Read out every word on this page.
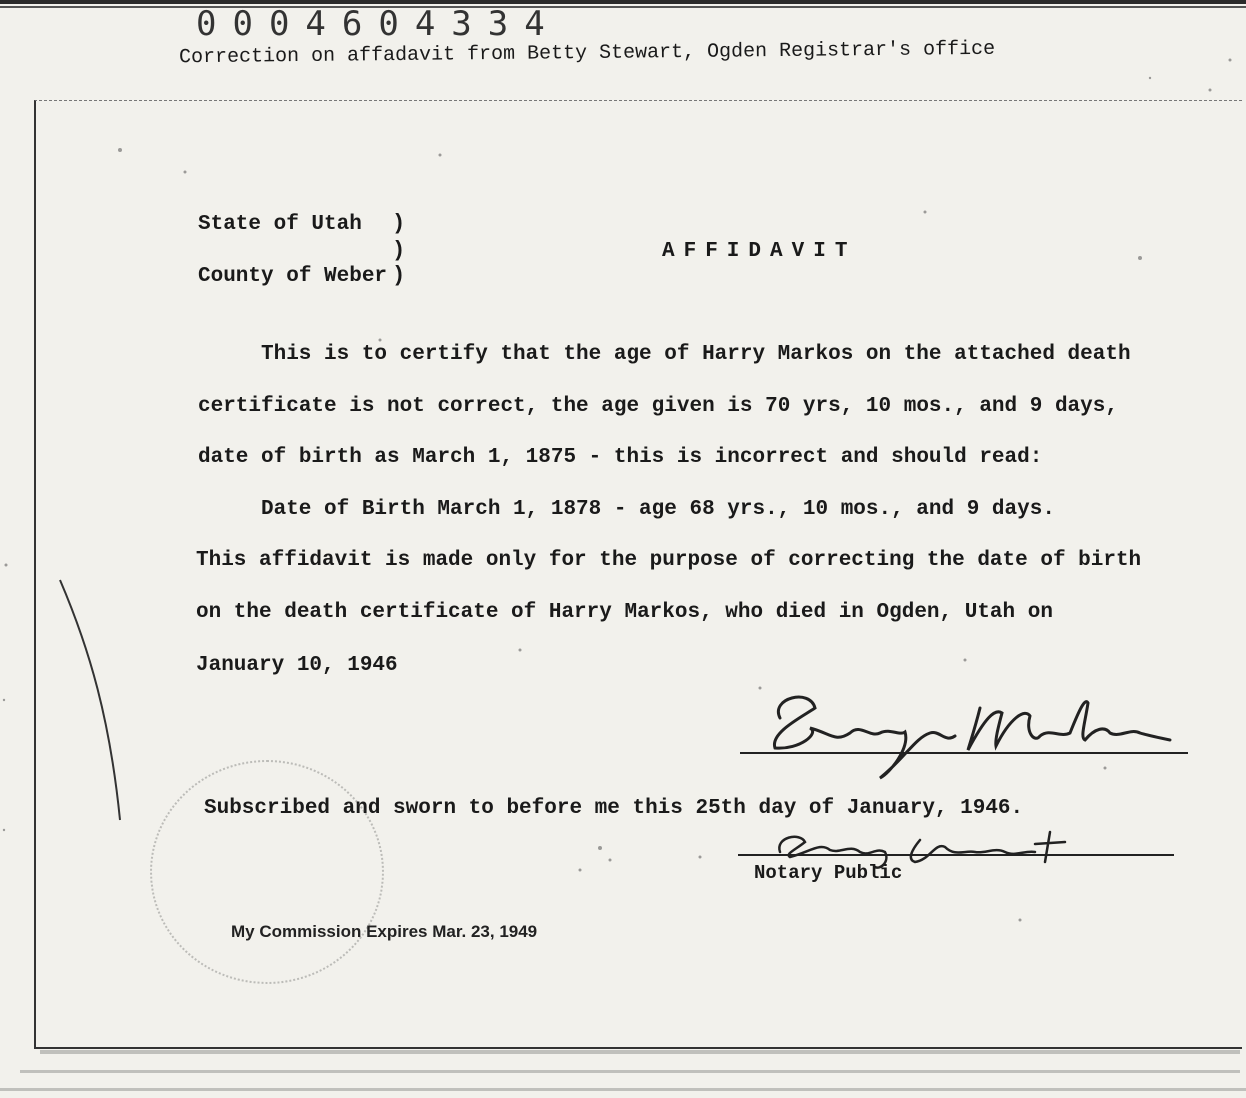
0004604334
Correction on affadavit from Betty Stewart, Ogden Registrar's office
State of Utah )
)
County of Weber )
AFFIDAVIT
This is to certify that the age of Harry Markos on the attached death
certificate is not correct, the age given is 70 yrs, 10 mos., and 9 days,
date of birth as March 1, 1875 - this is incorrect and should read:
Date of Birth March 1, 1878 - age 68 yrs., 10 mos., and 9 days.
This affidavit is made only for the purpose of correcting the date of birth
on the death certificate of Harry Markos, who died in Ogden, Utah on
January 10, 1946
Subscribed and sworn to before me this 25th day of January, 1946.
Notary Public
My Commission Expires Mar. 23, 1949
